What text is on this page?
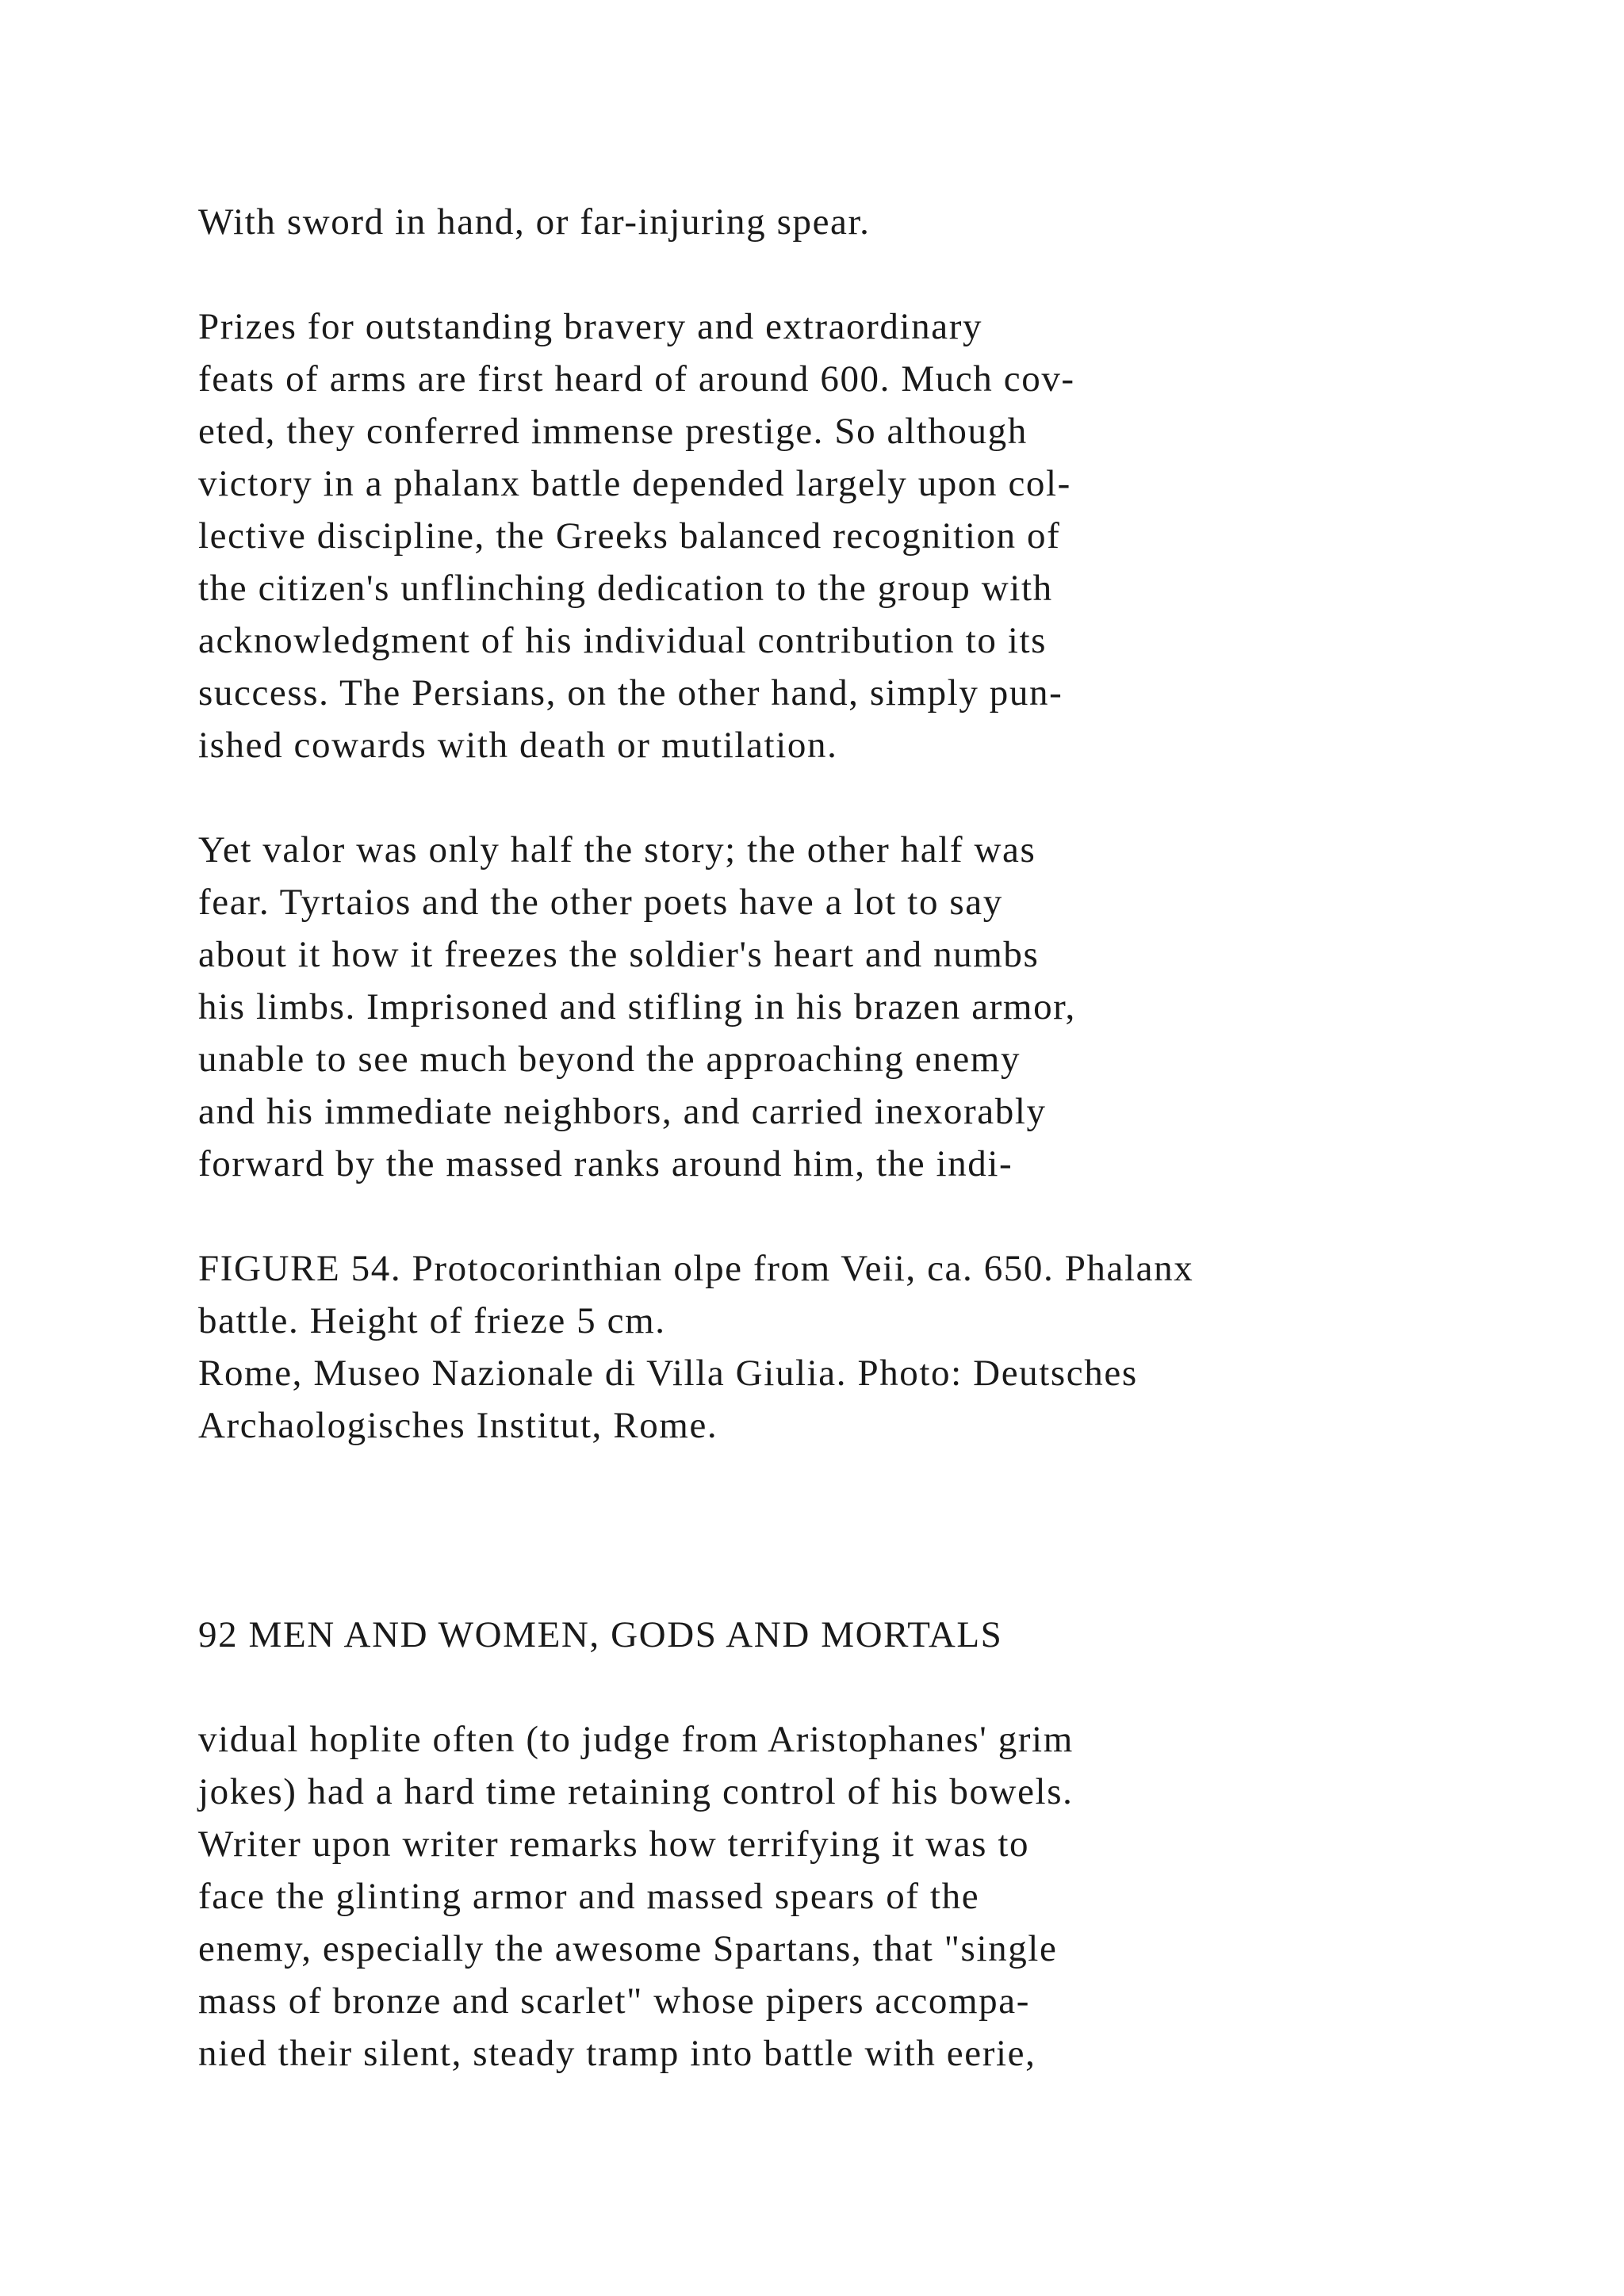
With sword in hand, or far-injuring spear.
Prizes for outstanding bravery and extraordinary
feats of arms are first heard of around 600. Much cov-
eted, they conferred immense prestige. So although
victory in a phalanx battle depended largely upon col-
lective discipline, the Greeks balanced recognition of
the citizen's unflinching dedication to the group with
acknowledgment of his individual contribution to its
success. The Persians, on the other hand, simply pun-
ished cowards with death or mutilation.
Yet valor was only half the story; the other half was
fear. Tyrtaios and the other poets have a lot to say
about it how it freezes the soldier's heart and numbs
his limbs. Imprisoned and stifling in his brazen armor,
unable to see much beyond the approaching enemy
and his immediate neighbors, and carried inexorably
forward by the massed ranks around him, the indi-
FIGURE 54. Protocorinthian olpe from Veii, ca. 650. Phalanx
battle. Height of frieze 5 cm.
Rome, Museo Nazionale di Villa Giulia. Photo: Deutsches
Archaologisches Institut, Rome.
92 MEN AND WOMEN, GODS AND MORTALS
vidual hoplite often (to judge from Aristophanes' grim
jokes) had a hard time retaining control of his bowels.
Writer upon writer remarks how terrifying it was to
face the glinting armor and massed spears of the
enemy, especially the awesome Spartans, that "single
mass of bronze and scarlet" whose pipers accompa-
nied their silent, steady tramp into battle with eerie,
